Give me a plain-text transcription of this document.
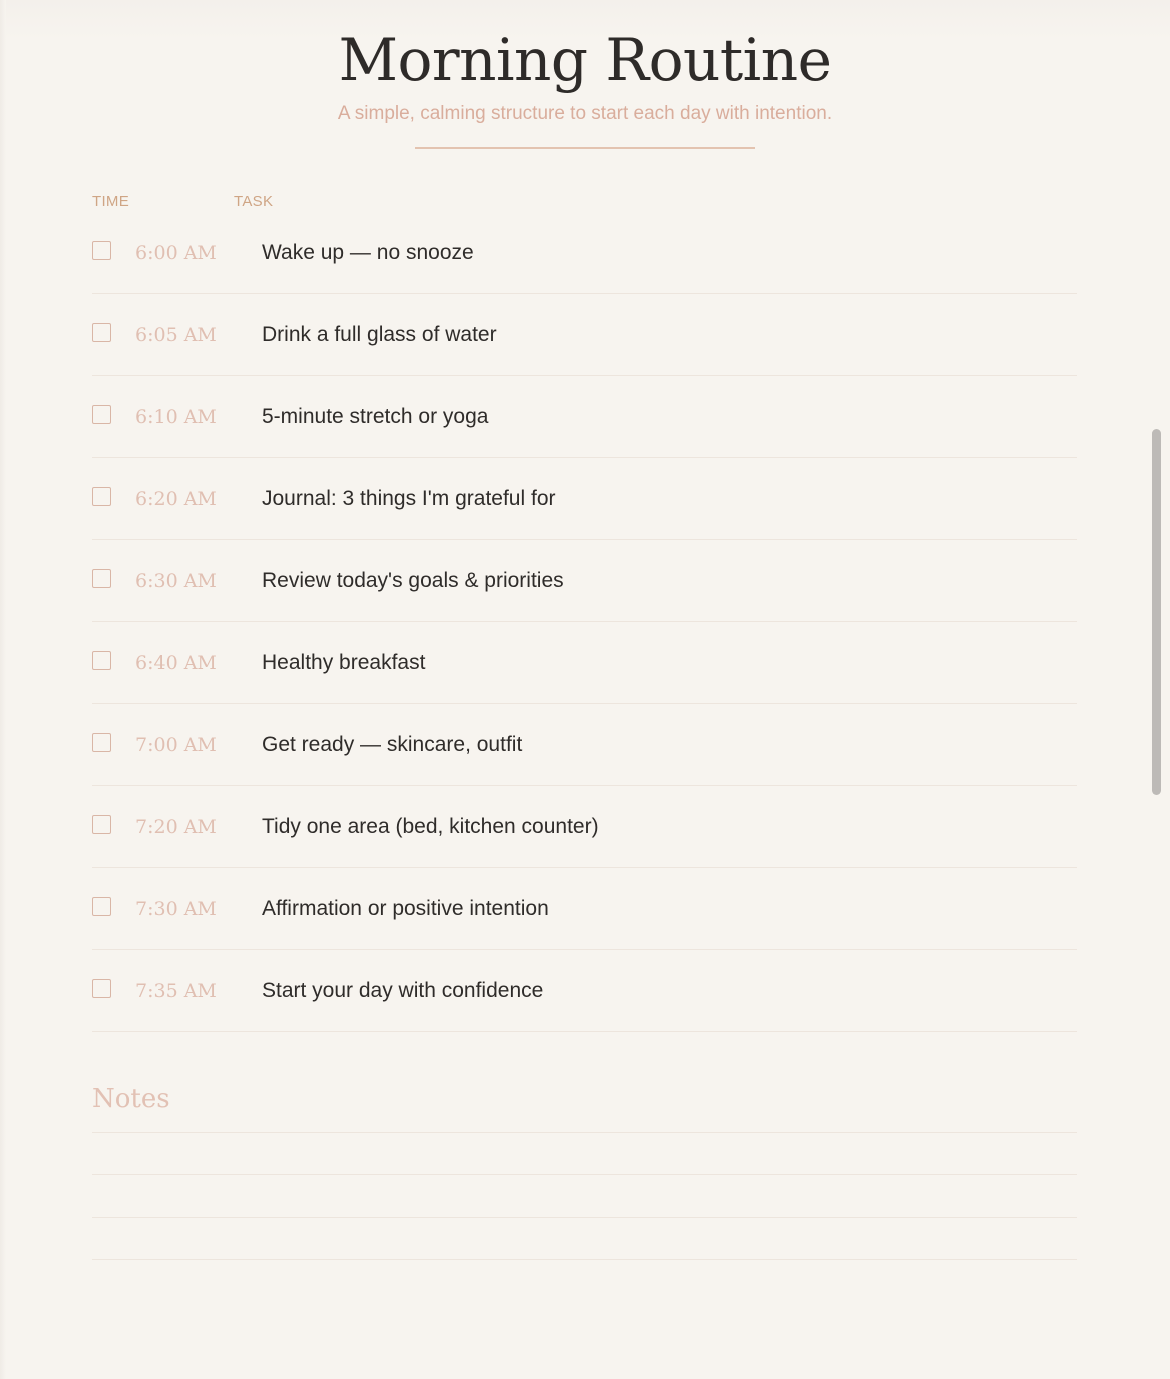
Morning Routine
A simple, calming structure to start each day with intention.
TIME	TASK
6:00 AM Wake up — no snooze
6:05 AM Drink a full glass of water
6:10 AM 5-minute stretch or yoga
6:20 AM Journal: 3 things I'm grateful for
6:30 AM Review today's goals & priorities
6:40 AM Healthy breakfast
7:00 AM Get ready — skincare, outfit
7:20 AM Tidy one area (bed, kitchen counter)
7:30 AM Affirmation or positive intention
7:35 AM Start your day with confidence
Notes
